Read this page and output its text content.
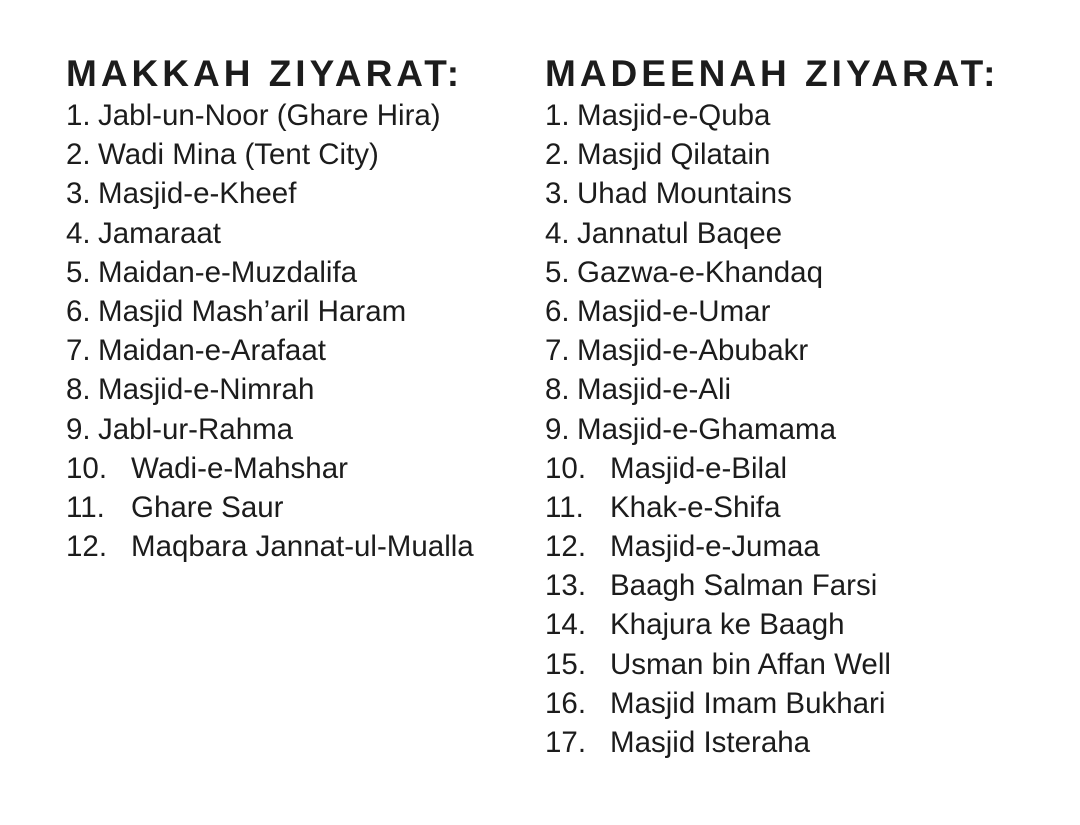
MAKKAH ZIYARAT:
1. Jabl-un-Noor (Ghare Hira)
2. Wadi Mina (Tent City)
3. Masjid-e-Kheef
4. Jamaraat
5. Maidan-e-Muzdalifa
6. Masjid Mash’aril Haram
7. Maidan-e-Arafaat
8. Masjid-e-Nimrah
9. Jabl-ur-Rahma
10. Wadi-e-Mahshar
11. Ghare Saur
12. Maqbara Jannat-ul-Mualla
MADEENAH ZIYARAT:
1. Masjid-e-Quba
2. Masjid Qilatain
3. Uhad Mountains
4. Jannatul Baqee
5. Gazwa-e-Khandaq
6. Masjid-e-Umar
7. Masjid-e-Abubakr
8. Masjid-e-Ali
9. Masjid-e-Ghamama
10. Masjid-e-Bilal
11. Khak-e-Shifa
12. Masjid-e-Jumaa
13. Baagh Salman Farsi
14. Khajura ke Baagh
15. Usman bin Affan Well
16. Masjid Imam Bukhari
17. Masjid Isteraha
